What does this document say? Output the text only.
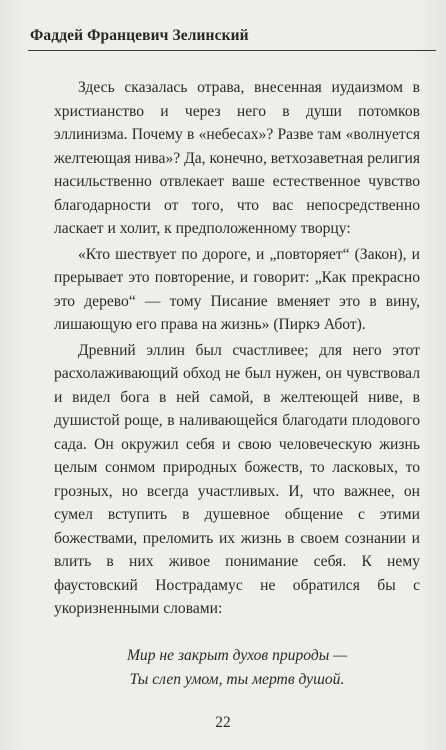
Фаддей Францевич Зелинский

Здесь сказалась отрава, внесенная иудаизмом в христианство и через него в души потомков эллинизма. Почему в «небесах»? Разве там «волнуется желтеющая нива»? Да, конечно, ветхозаветная религия насильственно отвлекает ваше естественное чувство благодарности от того, что вас непосредственно ласкает и холит, к предположенному творцу:

«Кто шествует по дороге, и „повторяет“ (Закон), и прерывает это повторение, и говорит: „Как прекрасно это дерево“ — тому Писание вменяет это в вину, лишающую его права на жизнь» (Пиркэ Абот).

Древний эллин был счастливее; для него этот расхолаживающий обход не был нужен, он чувствовал и видел бога в ней самой, в желтеющей ниве, в душистой роще, в наливающейся благодати плодового сада. Он окружил себя и свою человеческую жизнь целым сонмом природных божеств, то ласковых, то грозных, но всегда участливых. И, что важнее, он сумел вступить в душевное общение с этими божествами, преломить их жизнь в своем сознании и влить в них живое понимание себя. К нему фаустовский Нострадамус не обратился бы с укоризненными словами:

Мир не закрыт духов природы —
Ты слеп умом, ты мертв душой.
22
